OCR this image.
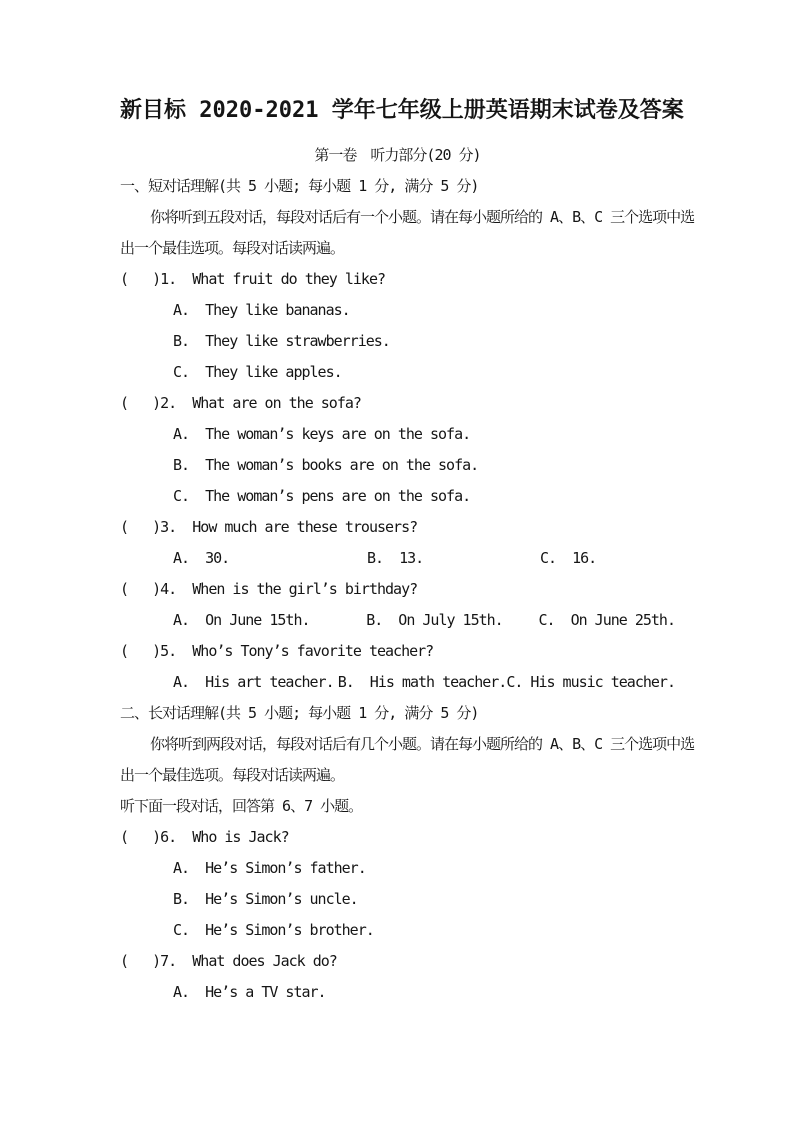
新目标 2020-2021 学年七年级上册英语期末试卷及答案
第一卷　听力部分(20 分)
一、短对话理解(共 5 小题; 每小题 1 分, 满分 5 分)
你将听到五段对话，每段对话后有一个小题。请在每小题所给的 A、B、C 三个选项中选
出一个最佳选项。每段对话读两遍。
(   )1.  What fruit do they like?
A.  They like bananas.
B.  They like strawberries.
C.  They like apples.
(   )2.  What are on the sofa?
A.  The woman’s keys are on the sofa.
B.  The woman’s books are on the sofa.
C.  The woman’s pens are on the sofa.
(   )3.  How much are these trousers?
A.  30.	B.  13.	C.  16.
(   )4.  When is the girl’s birthday?
A.  On June 15th.	B.  On July 15th.	C.  On June 25th.
(   )5.  Who’s Tony’s favorite teacher?
A.  His art teacher. B.  His math teacher. C. His music teacher.
二、长对话理解(共 5 小题; 每小题 1 分, 满分 5 分)
你将听到两段对话，每段对话后有几个小题。请在每小题所给的 A、B、C 三个选项中选
出一个最佳选项。每段对话读两遍。
听下面一段对话，回答第 6、7 小题。
(   )6.  Who is Jack?
A.  He’s Simon’s father.
B.  He’s Simon’s uncle.
C.  He’s Simon’s brother.
(   )7.  What does Jack do?
A.  He’s a TV star.
